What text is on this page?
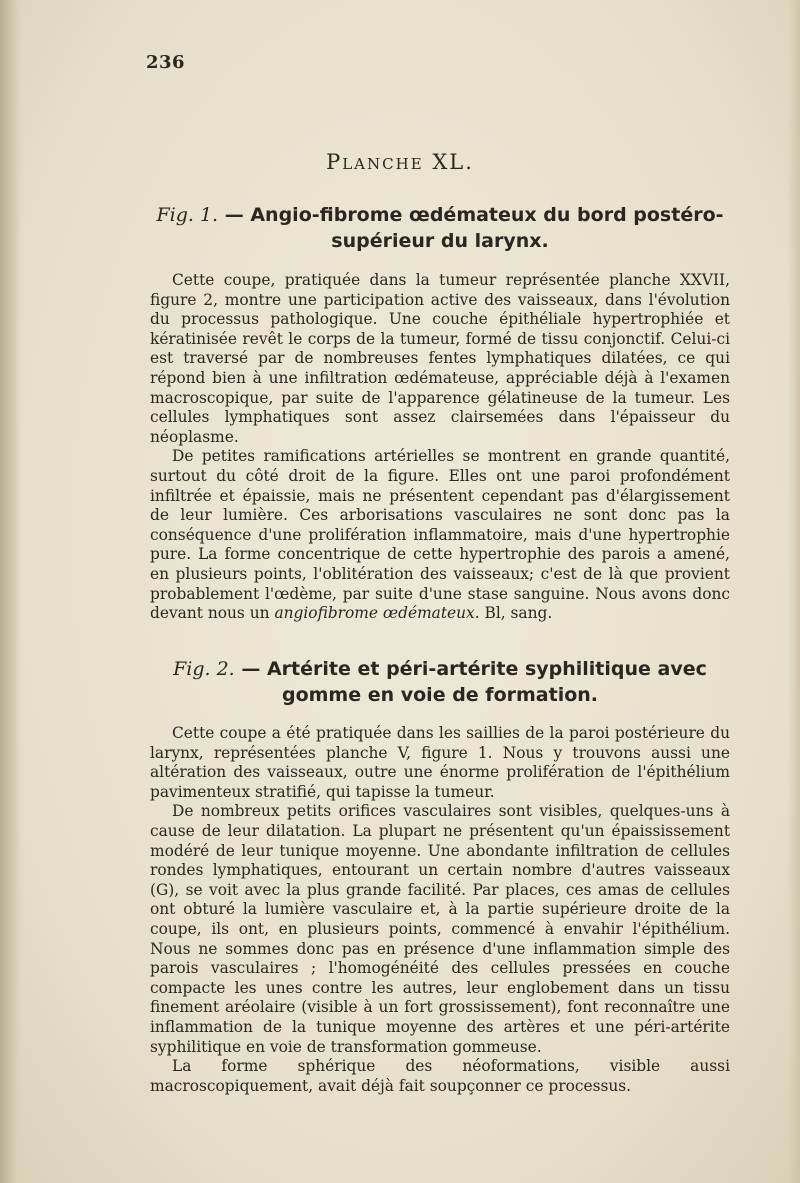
236
Planche XL.
Fig. 1. — Angio-fibrome œdémateux du bord postéro-supérieur du larynx.

Cette coupe, pratiquée dans la tumeur représentée planche XXVII, figure 2, montre une participation active des vaisseaux, dans l'évolution du processus pathologique. Une couche épithéliale hypertrophiée et kératinisée revêt le corps de la tumeur, formé de tissu conjonctif. Celui-ci est traversé par de nombreuses fentes lymphatiques dilatées, ce qui répond bien à une infiltration œdémateuse, appréciable déjà à l'examen macroscopique, par suite de l'apparence gélatineuse de la tumeur. Les cellules lymphatiques sont assez clairsemées dans l'épaisseur du néoplasme.

De petites ramifications artérielles se montrent en grande quantité, surtout du côté droit de la figure. Elles ont une paroi profondément infiltrée et épaissie, mais ne présentent cependant pas d'élargissement de leur lumière. Ces arborisations vasculaires ne sont donc pas la conséquence d'une prolifération inflammatoire, mais d'une hypertrophie pure. La forme concentrique de cette hypertrophie des parois a amené, en plusieurs points, l'oblitération des vaisseaux; c'est de là que provient probablement l'œdème, par suite d'une stase sanguine. Nous avons donc devant nous un angiofibrome œdémateux. Bl, sang.

Fig. 2. — Artérite et péri-artérite syphilitique avec gomme en voie de formation.

Cette coupe a été pratiquée dans les saillies de la paroi postérieure du larynx, représentées planche V, figure 1. Nous y trouvons aussi une altération des vaisseaux, outre une énorme prolifération de l'épithélium pavimenteux stratifié, qui tapisse la tumeur.

De nombreux petits orifices vasculaires sont visibles, quelques-uns à cause de leur dilatation. La plupart ne présentent qu'un épaississement modéré de leur tunique moyenne. Une abondante infiltration de cellules rondes lymphatiques, entourant un certain nombre d'autres vaisseaux (G), se voit avec la plus grande facilité. Par places, ces amas de cellules ont obturé la lumière vasculaire et, à la partie supérieure droite de la coupe, ils ont, en plusieurs points, commencé à envahir l'épithélium. Nous ne sommes donc pas en présence d'une inflammation simple des parois vasculaires ; l'homogénéité des cellules pressées en couche compacte les unes contre les autres, leur englobement dans un tissu finement aréolaire (visible à un fort grossissement), font reconnaître une inflammation de la tunique moyenne des artères et une péri-artérite syphilitique en voie de transformation gommeuse.

La forme sphérique des néoformations, visible aussi macroscopiquement, avait déjà fait soupçonner ce processus.
